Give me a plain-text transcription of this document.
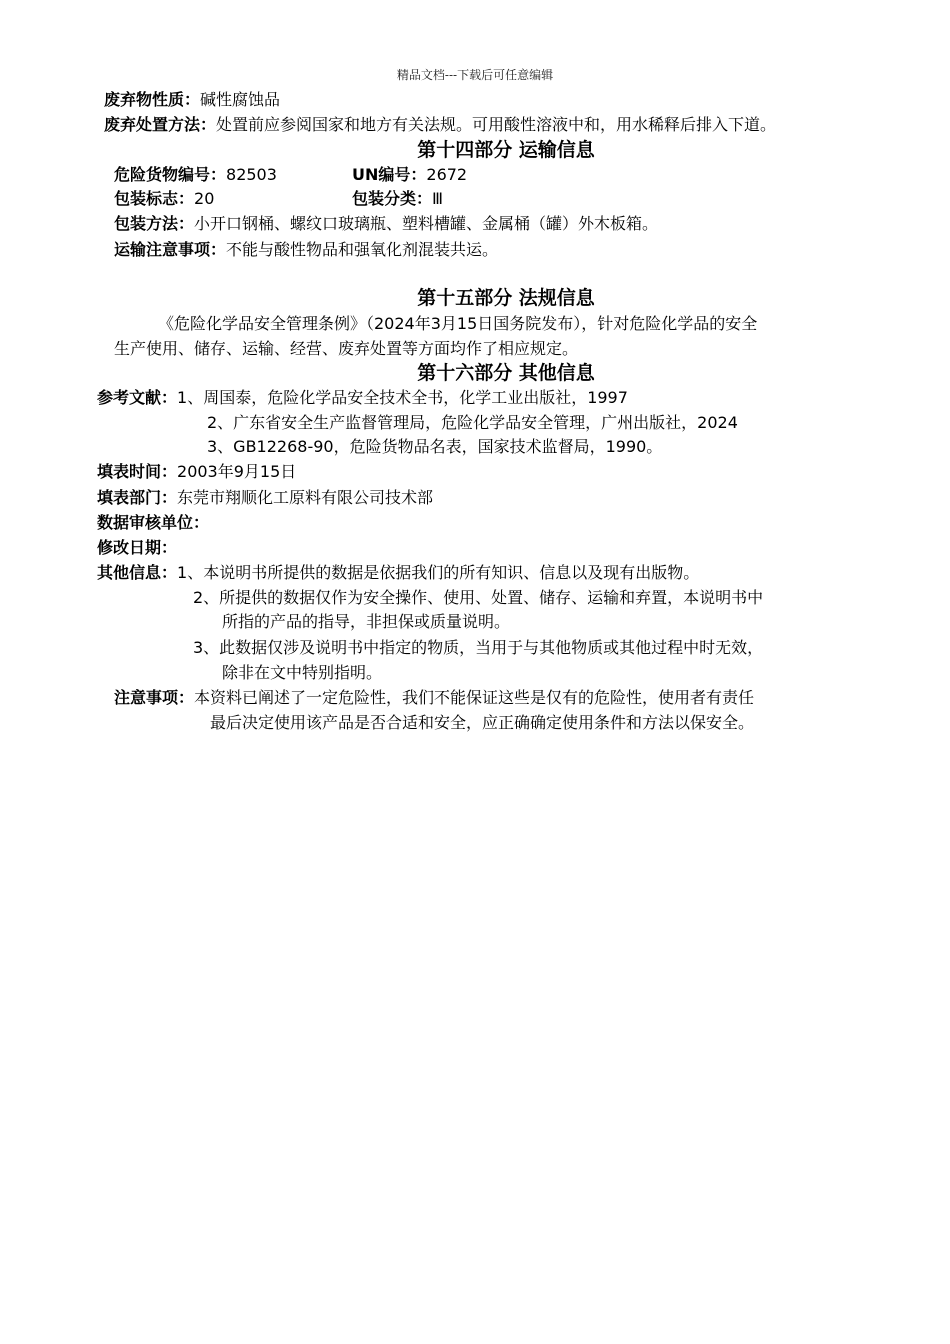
精品文档---下载后可任意编辑
废弃物性质：碱性腐蚀品
废弃处置方法：处置前应参阅国家和地方有关法规。可用酸性溶液中和，用水稀释后排入下道。
第十四部分 运输信息
危险货物编号：82503	UN编号：2672
包装标志：20	包装分类：Ⅲ
包装方法：小开口钢桶、螺纹口玻璃瓶、塑料槽罐、金属桶（罐）外木板箱。
运输注意事项：不能与酸性物品和强氧化剂混装共运。
第十五部分 法规信息
《危险化学品安全管理条例》（2024年3月15日国务院发布），针对危险化学品的安全
生产使用、储存、运输、经营、废弃处置等方面均作了相应规定。
第十六部分 其他信息
参考文献：1、周国泰，危险化学品安全技术全书，化学工业出版社，1997
2、广东省安全生产监督管理局，危险化学品安全管理，广州出版社，2024
3、GB12268-90，危险货物品名表，国家技术监督局，1990。
填表时间：2003年9月15日
填表部门：东莞市翔顺化工原料有限公司技术部
数据审核单位：
修改日期：
其他信息：1、本说明书所提供的数据是依据我们的所有知识、信息以及现有出版物。
2、所提供的数据仅作为安全操作、使用、处置、储存、运输和弃置，本说明书中
所指的产品的指导，非担保或质量说明。
3、此数据仅涉及说明书中指定的物质，当用于与其他物质或其他过程中时无效，
除非在文中特别指明。
注意事项：本资料已阐述了一定危险性，我们不能保证这些是仅有的危险性，使用者有责任
最后决定使用该产品是否合适和安全，应正确确定使用条件和方法以保安全。
